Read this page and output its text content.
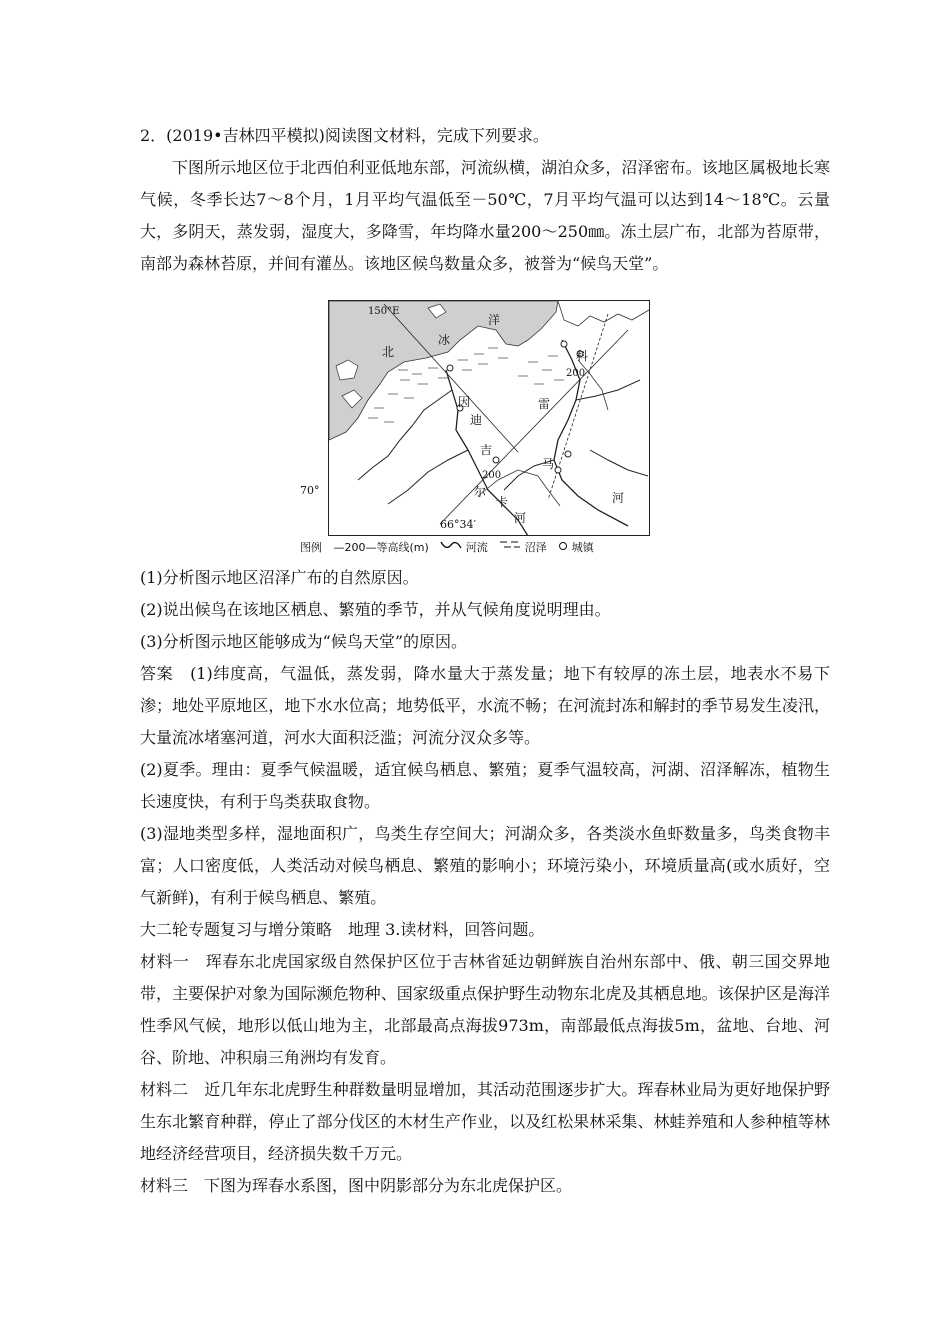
2．(2019•吉林四平模拟)阅读图文材料，完成下列要求。

下图所示地区位于北西伯利亚低地东部，河流纵横，湖泊众多，沼泽密布。该地区属极地长寒气候，冬季长达7～8个月，1月平均气温低至－50℃，7月平均气温可以达到14～18℃。云量大，多阴天，蒸发弱，湿度大，多降雪，年均降水量200～250㎜。冻土层广布，北部为苔原带，南部为森林苔原，并间有灌丛。该地区候鸟数量众多，被誉为“候鸟天堂”。

150°E
北
冰
洋
科
200
因
迪
吉
200
尔
卡
河
雷
马
河
70°
66°34′
图例 —200—等高线(m)	河流	沼泽 城镇

(1)分析图示地区沼泽广布的自然原因。

(2)说出候鸟在该地区栖息、繁殖的季节，并从气候角度说明理由。

(3)分析图示地区能够成为“候鸟天堂”的原因。

答案　 (1)纬度高，气温低，蒸发弱，降水量大于蒸发量；地下有较厚的冻土层，地表水不易下渗；地处平原地区，地下水水位高；地势低平，水流不畅；在河流封冻和解封的季节易发生凌汛，大量流冰堵塞河道，河水大面积泛滥；河流分汊众多等。

(2)夏季。理由：夏季气候温暖，适宜候鸟栖息、繁殖；夏季气温较高，河湖、沼泽解冻，植物生长速度快，有利于鸟类获取食物。

(3)湿地类型多样，湿地面积广，鸟类生存空间大；河湖众多，各类淡水鱼虾数量多，鸟类食物丰富；人口密度低，人类活动对候鸟栖息、繁殖的影响小；环境污染小，环境质量高(或水质好，空气新鲜)，有利于候鸟栖息、繁殖。

大二轮专题复习与增分策略　地理 3.读材料，回答问题。

材料一　珲春东北虎国家级自然保护区位于吉林省延边朝鲜族自治州东部中、俄、朝三国交界地带，主要保护对象为国际濒危物种、国家级重点保护野生动物东北虎及其栖息地。该保护区是海洋性季风气候，地形以低山地为主，北部最高点海拔973m，南部最低点海拔5m，盆地、台地、河谷、阶地、冲积扇三角洲均有发育。

材料二　近几年东北虎野生种群数量明显增加，其活动范围逐步扩大。珲春林业局为更好地保护野生东北繁育种群，停止了部分伐区的木材生产作业，以及红松果林采集、林蛙养殖和人参种植等林地经济经营项目，经济损失数千万元。

材料三　下图为珲春水系图，图中阴影部分为东北虎保护区。
